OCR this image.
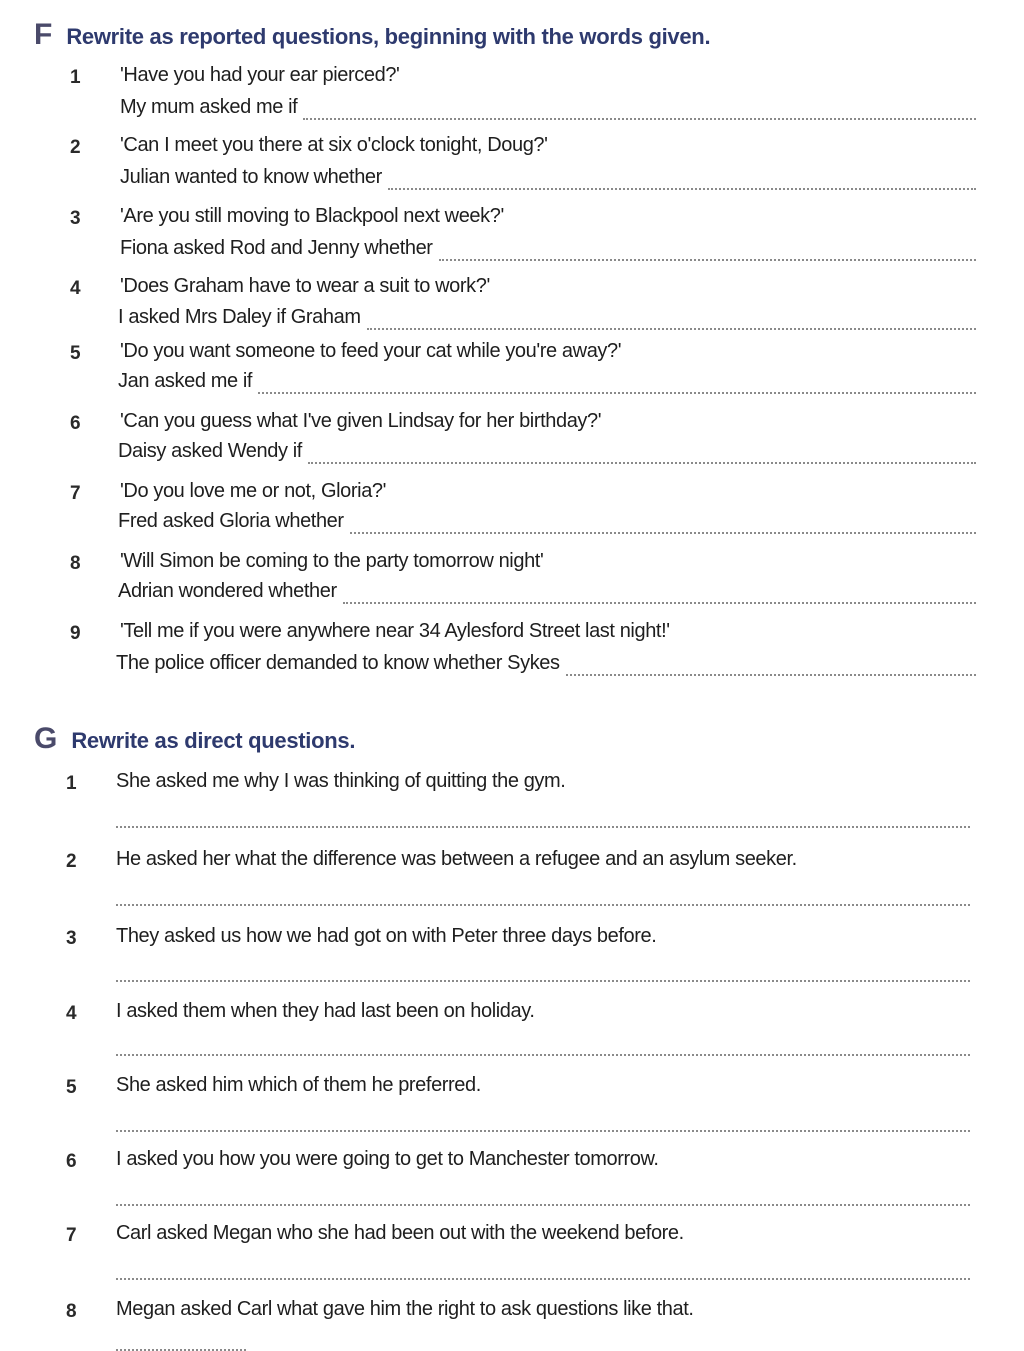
F Rewrite as reported questions, beginning with the words given.
1 'Have you had your ear pierced?'
My mum asked me if
2 'Can I meet you there at six o'clock tonight, Doug?'
Julian wanted to know whether
3 'Are you still moving to Blackpool next week?'
Fiona asked Rod and Jenny whether
4 'Does Graham have to wear a suit to work?'
I asked Mrs Daley if Graham
5 'Do you want someone to feed your cat while you're away?'
Jan asked me if
6 'Can you guess what I've given Lindsay for her birthday?'
Daisy asked Wendy if
7 'Do you love me or not, Gloria?'
Fred asked Gloria whether
8 'Will Simon be coming to the party tomorrow night'
Adrian wondered whether
9 'Tell me if you were anywhere near 34 Aylesford Street last night!'
The police officer demanded to know whether Sykes
G Rewrite as direct questions.
1 She asked me why I was thinking of quitting the gym.
2 He asked her what the difference was between a refugee and an asylum seeker.
3 They asked us how we had got on with Peter three days before.
4 I asked them when they had last been on holiday.
5 She asked him which of them he preferred.
6 I asked you how you were going to get to Manchester tomorrow.
7 Carl asked Megan who she had been out with the weekend before.
8 Megan asked Carl what gave him the right to ask questions like that.
